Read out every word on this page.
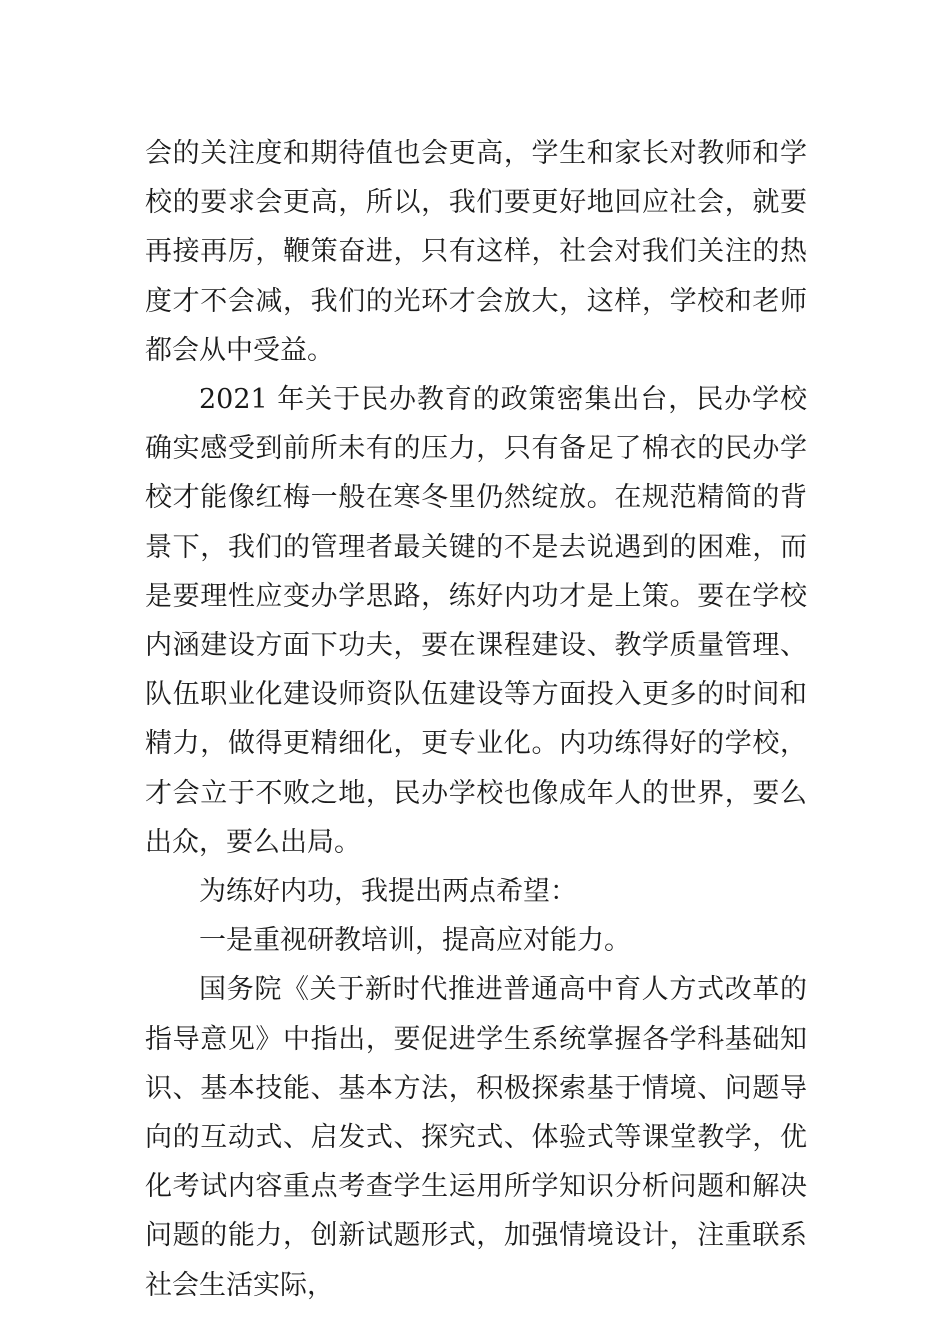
会的关注度和期待值也会更高，学生和家长对教师和学校的要求会更高，所以，我们要更好地回应社会，就要再接再厉，鞭策奋进，只有这样，社会对我们关注的热度才不会减，我们的光环才会放大，这样，学校和老师都会从中受益。

2021 年关于民办教育的政策密集出台，民办学校确实感受到前所未有的压力，只有备足了棉衣的民办学校才能像红梅一般在寒冬里仍然绽放。在规范精简的背景下，我们的管理者最关键的不是去说遇到的困难，而是要理性应变办学思路，练好内功才是上策。要在学校内涵建设方面下功夫，要在课程建设、教学质量管理、队伍职业化建设师资队伍建设等方面投入更多的时间和精力，做得更精细化，更专业化。内功练得好的学校，才会立于不败之地，民办学校也像成年人的世界，要么出众，要么出局。

为练好内功，我提出两点希望：

一是重视研教培训，提高应对能力。

国务院《关于新时代推进普通高中育人方式改革的指导意见》中指出，要促进学生系统掌握各学科基础知识、基本技能、基本方法，积极探索基于情境、问题导向的互动式、启发式、探究式、体验式等课堂教学，优化考试内容重点考查学生运用所学知识分析问题和解决问题的能力，创新试题形式，加强情境设计，注重联系社会生活实际，
